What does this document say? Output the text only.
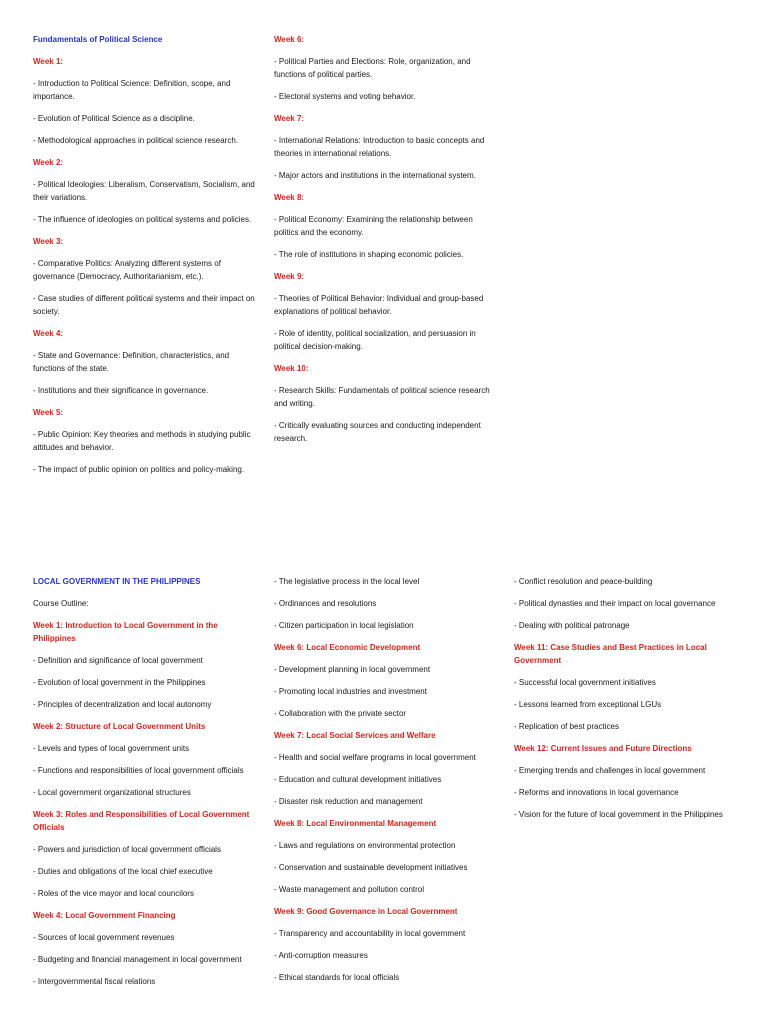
Fundamentals of Political Science

Week 1:

- Introduction to Political Science: Definition, scope, and importance.

- Evolution of Political Science as a discipline.

- Methodological approaches in political science research.

Week 2:

- Political Ideologies: Liberalism, Conservatism, Socialism, and their variations.

- The influence of ideologies on political systems and policies.

Week 3:

- Comparative Politics: Analyzing different systems of governance (Democracy, Authoritarianism, etc.).

- Case studies of different political systems and their impact on society.

Week 4:

- State and Governance: Definition, characteristics, and functions of the state.

- Institutions and their significance in governance.

Week 5:

- Public Opinion: Key theories and methods in studying public attitudes and behavior.

- The impact of public opinion on politics and policy-making.

Week 6:

- Political Parties and Elections: Role, organization, and functions of political parties.

- Electoral systems and voting behavior.

Week 7:

- International Relations: Introduction to basic concepts and theories in international relations.

- Major actors and institutions in the international system.

Week 8:

- Political Economy: Examining the relationship between politics and the economy.

- The role of institutions in shaping economic policies.

Week 9:

- Theories of Political Behavior: Individual and group-based explanations of political behavior.

- Role of identity, political socialization, and persuasion in political decision-making.

Week 10:

- Research Skills: Fundamentals of political science research and writing.

- Critically evaluating sources and conducting independent research.

LOCAL GOVERNMENT IN THE PHILIPPINES

Course Outline:

Week 1: Introduction to Local Government in the Philippines

- Definition and significance of local government

- Evolution of local government in the Philippines

- Principles of decentralization and local autonomy

Week 2: Structure of Local Government Units

- Levels and types of local government units

- Functions and responsibilities of local government officials

- Local government organizational structures

Week 3: Roles and Responsibilities of Local Government Officials

- Powers and jurisdiction of local government officials

- Duties and obligations of the local chief executive

- Roles of the vice mayor and local councilors

Week 4: Local Government Financing

- Sources of local government revenues

- Budgeting and financial management in local government

- Intergovernmental fiscal relations

- The legislative process in the local level

- Ordinances and resolutions

- Citizen participation in local legislation

Week 6: Local Economic Development

- Development planning in local government

- Promoting local industries and investment

- Collaboration with the private sector

Week 7: Local Social Services and Welfare

- Health and social welfare programs in local government

- Education and cultural development initiatives

- Disaster risk reduction and management

Week 8: Local Environmental Management

- Laws and regulations on environmental protection

- Conservation and sustainable development initiatives

- Waste management and pollution control

Week 9: Good Governance in Local Government

- Transparency and accountability in local government

- Anti-corruption measures

- Ethical standards for local officials

- Conflict resolution and peace-building

- Political dynasties and their impact on local governance

- Dealing with political patronage

Week 11: Case Studies and Best Practices in Local Government

- Successful local government initiatives

- Lessons learned from exceptional LGUs

- Replication of best practices

Week 12: Current Issues and Future Directions

- Emerging trends and challenges in local government

- Reforms and innovations in local governance

- Vision for the future of local government in the Philippines
